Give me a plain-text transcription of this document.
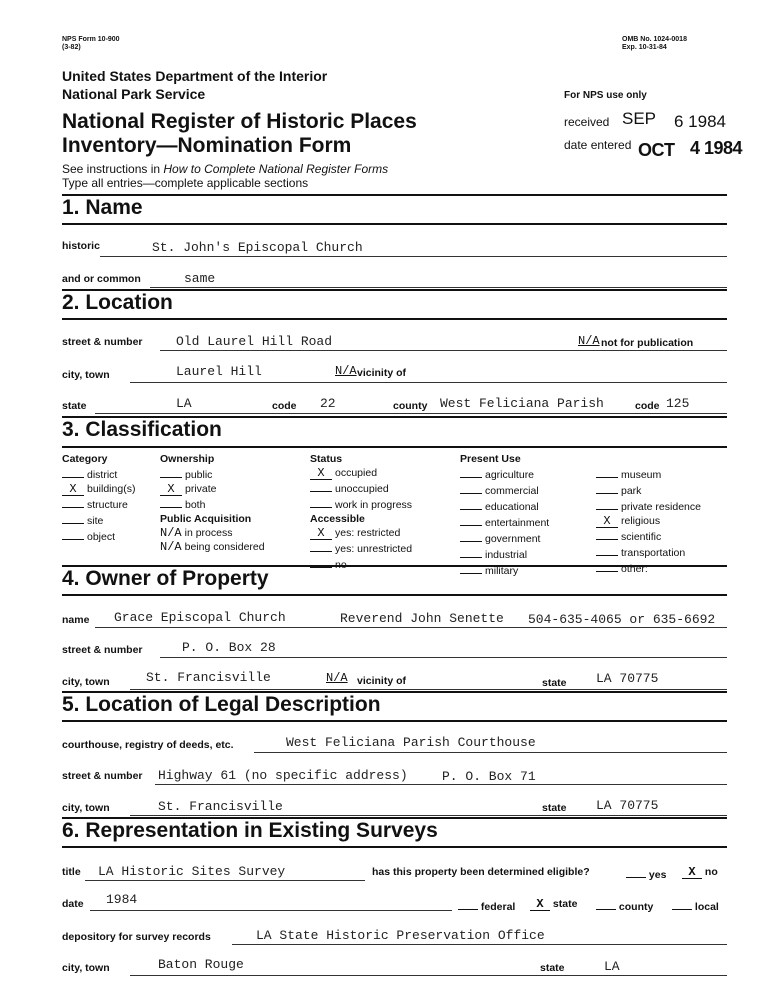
NPS Form 10-900
(3-82)
OMB No. 1024-0018
Exp. 10-31-84
United States Department of the Interior
National Park Service
National Register of Historic Places
Inventory—Nomination Form
See instructions in How to Complete National Register Forms
Type all entries—complete applicable sections
For NPS use only
received SEP 6 1984
date entered OCT 4 1984
1. Name
historic	St. John's Episcopal Church
and or common	same
2. Location
street & number	Old Laurel Hill Road	N/A not for publication
city, town	Laurel Hill	N/A vicinity of
state	LA	code 22	county West Feliciana Parish	code 125
3. Classification
Category
district
X building(s)
structure
site
object
Ownership
public
X private
both
Public Acquisition
N/A in process
N/A being considered
Status
X occupied
unoccupied
work in progress
Accessible
X yes: restricted
yes: unrestricted
no
Present Use
agriculture
commercial
educational
entertainment
government
industrial
military
museum
park
private residence
X religious
scientific
transportation
other:
4. Owner of Property
name Grace Episcopal Church	Reverend John Senette 504-635-4065 or 635-6692
street & number	P. O. Box 28
city, town	St. Francisville	N/A vicinity of	state LA 70775
5. Location of Legal Description
courthouse, registry of deeds, etc.	West Feliciana Parish Courthouse
street & number Highway 61 (no specific address)	P. O. Box 71
city, town	St. Francisville	state LA 70775
6. Representation in Existing Surveys
title LA Historic Sites Survey	has this property been determined eligible?	yes	X no
date 1984	federal	X state	county	local
depository for survey records	LA State Historic Preservation Office
city, town	Baton Rouge	state	LA
